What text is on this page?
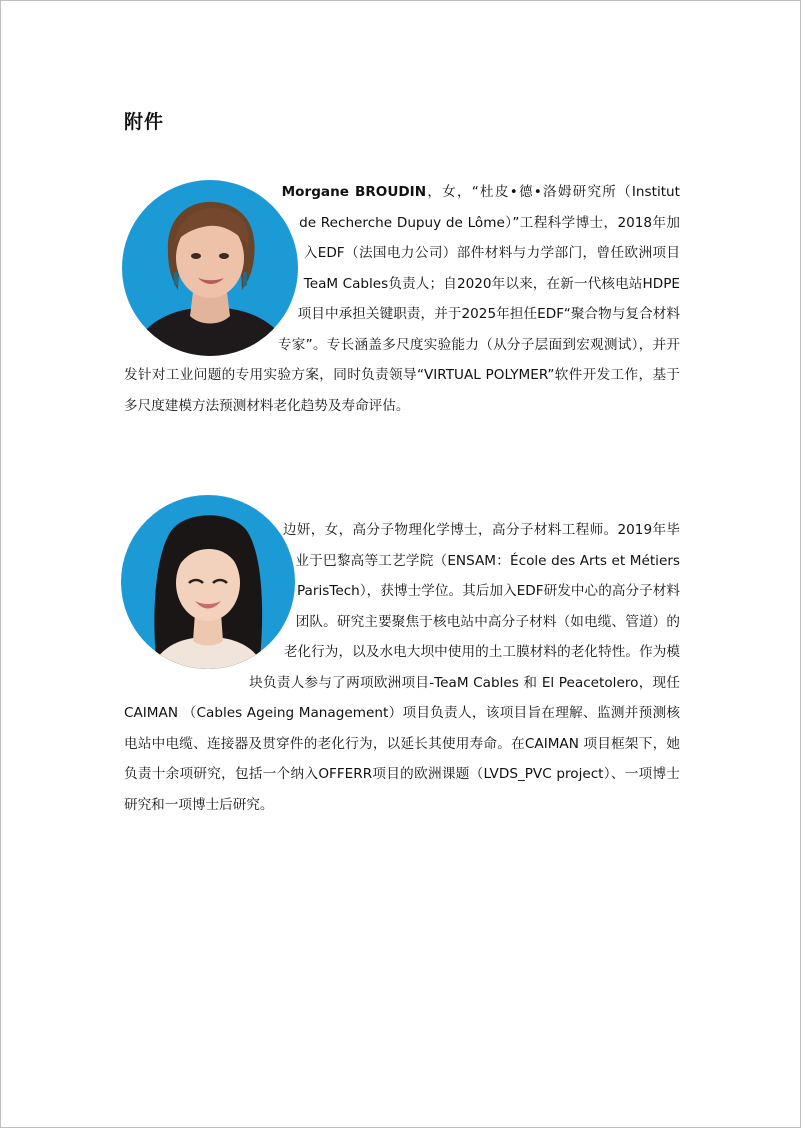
附件
Morgane BROUDIN，女，“杜皮•德•洛姆研究所（Institut de Recherche Dupuy de Lôme）”工程科学博士，2018年加入EDF（法国电力公司）部件材料与力学部门，曾任欧洲项目TeaM Cables负责人；自2020年以来，在新一代核电站HDPE项目中承担关键职责，并于2025年担任EDF“聚合物与复合材料专家”。专长涵盖多尺度实验能力（从分子层面到宏观测试），并开发针对工业问题的专用实验方案，同时负责领导“VIRTUAL POLYMER”软件开发工作，基于多尺度建模方法预测材料老化趋势及寿命评估。
边妍，女，高分子物理化学博士，高分子材料工程师。2019年毕业于巴黎高等工艺学院（ENSAM：École des Arts et Métiers ParisTech），获博士学位。其后加入EDF研发中心的高分子材料团队。研究主要聚焦于核电站中高分子材料（如电缆、管道）的老化行为，以及水电大坝中使用的土工膜材料的老化特性。作为模块负责人参与了两项欧洲项目-TeaM Cables 和 El Peacetolero，现任CAIMAN （Cables Ageing Management）项目负责人，该项目旨在理解、监测并预测核电站中电缆、连接器及贯穿件的老化行为，以延长其使用寿命。在CAIMAN 项目框架下，她负责十余项研究，包括一个纳入OFFERR项目的欧洲课题（LVDS_PVC project）、一项博士研究和一项博士后研究。
